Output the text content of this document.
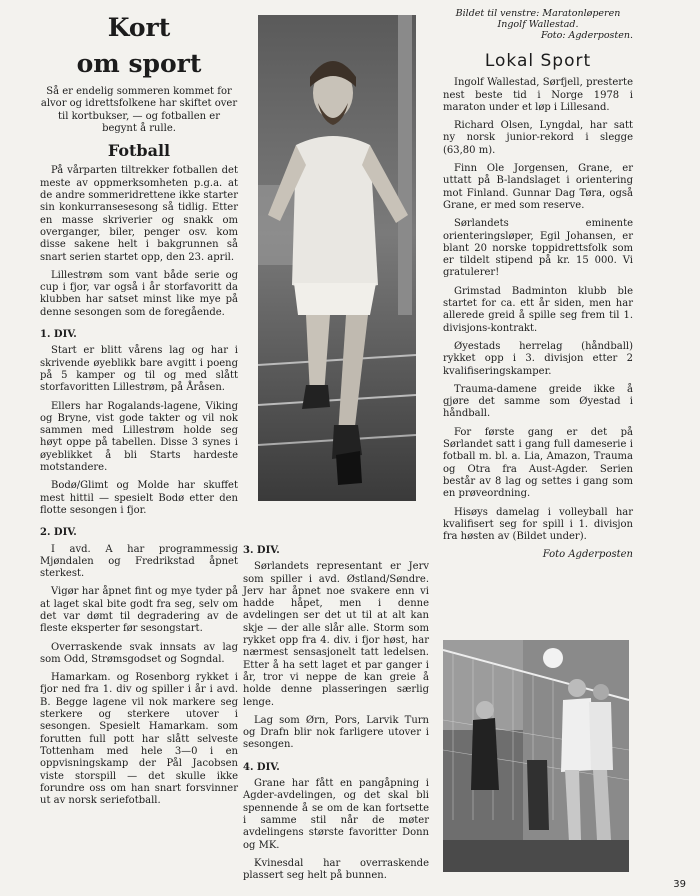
Kort
om sport

Så er endelig sommeren kommet for alvor og idrettsfolkene har skiftet over til kortbukser, — og fotballen er begynt å rulle.

Fotball

På vårparten tiltrekker fotballen det meste av oppmerksomheten p.g.a. at de andre sommeridrettene ikke starter sin konkurransesesong så tidlig. Etter en masse skriverier og snakk om overganger, biler, penger osv. kom disse sakene helt i bakgrunnen så snart serien startet opp, den 23. april.

Lillestrøm som vant både serie og cup i fjor, var også i år storfavoritt da klubben har satset minst like mye på denne sesongen som de foregående.

1. DIV.

Start er blitt vårens lag og har i skrivende øyeblikk bare avgitt i poeng på 5 kamper og til og med slått storfavoritten Lillestrøm, på Åråsen.

Ellers har Rogalands-lagene, Viking og Bryne, vist gode takter og vil nok sammen med Lillestrøm holde seg høyt oppe på tabellen. Disse 3 synes i øyeblikket å bli Starts hardeste motstandere.

Bodø/Glimt og Molde har skuffet mest hittil — spesielt Bodø etter den flotte sesongen i fjor.

2. DIV.

I avd. A har programmessig Mjøndalen og Fredrikstad åpnet sterkest.

Vigør har åpnet fint og mye tyder på at laget skal bite godt fra seg, selv om det var dømt til degradering av de fleste eksperter før sesongstart.

Overraskende svak innsats av lag som Odd, Strømsgodset og Sogndal.

Hamarkam. og Rosenborg rykket i fjor ned fra 1. div og spiller i år i avd. B. Begge lagene vil nok markere seg sterkere og sterkere utover i sesongen. Spesielt Hamarkam. som forutten full pott har slått selveste Tottenham med hele 3—0 i en oppvisningskamp der Pål Jacobsen viste storspill — det skulle ikke forundre oss om han snart forsvinner ut av norsk seriefotball.

3. DIV.

Sørlandets representant er Jerv som spiller i avd. Østland/Søndre. Jerv har åpnet noe svakere enn vi hadde håpet, men i denne avdelingen ser det ut til at alt kan skje — der alle slår alle. Storm som rykket opp fra 4. div. i fjor høst, har nærmest sensasjonelt tatt ledelsen. Etter å ha sett laget et par ganger i år, tror vi neppe de kan greie å holde denne plasseringen særlig lenge.

Lag som Ørn, Pors, Larvik Turn og Drafn blir nok farligere utover i sesongen.

4. DIV.

Grane har fått en pangåpning i Agder-avdelingen, og det skal bli spennende å se om de kan fortsette i samme stil når de møter avdelingens største favoritter Donn og MK.

Kvinesdal har overraskende plassert seg helt på bunnen.

Bildet til venstre: Maratonløperen
Ingolf Wallestad.
Foto: Agderposten.
Lokal Sport

Ingolf Wallestad, Sørfjell, presterte nest beste tid i Norge 1978 i maraton under et løp i Lillesand.

Richard Olsen, Lyngdal, har satt ny norsk junior-rekord i slegge (63,80 m).

Finn Ole Jorgensen, Grane, er uttatt på B-landslaget i orientering mot Finland. Gunnar Dag Tøra, også Grane, er med som reserve.

Sørlandets eminente orienteringsløper, Egil Johansen, er blant 20 norske toppidrettsfolk som er tildelt stipend på kr. 15 000. Vi gratulerer!

Grimstad Badminton klubb ble startet for ca. ett år siden, men har allerede greid å spille seg frem til 1. divisjons-kontrakt.

Øyestads herrelag (håndball) rykket opp i 3. divisjon etter 2 kvalifiseringskamper.

Trauma-damene greide ikke å gjøre det samme som Øyestad i håndball.

For første gang er det på Sørlandet satt i gang full dameserie i fotball m. bl. a. Lia, Amazon, Trauma og Otra fra Aust-Agder. Serien består av 8 lag og settes i gang som en prøveordning.

Hisøys damelag i volleyball har kvalifisert seg for spill i 1. divisjon fra høsten av (Bildet under).

Foto Agderposten
39
